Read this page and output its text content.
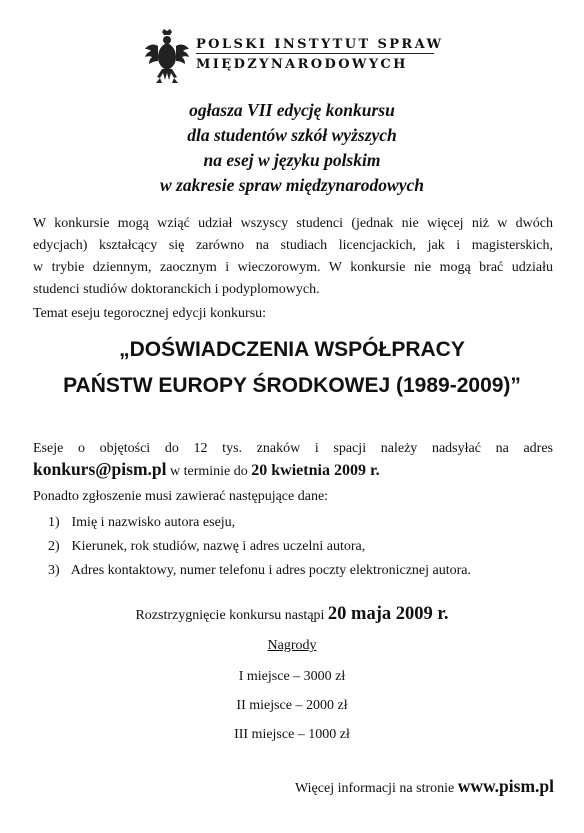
POLSKI INSTYTUT SPRAW
MIĘDZYNARODOWYCH
ogłasza VII edycję konkursu
dla studentów szkół wyższych
na esej w języku polskim
w zakresie spraw międzynarodowych
W konkursie mogą wziąć udział wszyscy studenci (jednak nie więcej niż w dwóch
edycjach) kształcący się zarówno na studiach licencjackich, jak i magisterskich,
w trybie dziennym, zaocznym i wieczorowym. W konkursie nie mogą brać udziału
studenci studiów doktoranckich i podyplomowych.
Temat eseju tegorocznej edycji konkursu:
„DOŚWIADCZENIA WSPÓŁPRACY
PAŃSTW EUROPY ŚRODKOWEJ (1989-2009)”
Eseje o objętości do 12 tys. znaków i spacji należy nadsyłać na adres
konkurs@pism.pl w terminie do 20 kwietnia 2009 r.
Ponadto zgłoszenie musi zawierać następujące dane:
1) Imię i nazwisko autora eseju,
2) Kierunek, rok studiów, nazwę i adres uczelni autora,
3) Adres kontaktowy, numer telefonu i adres poczty elektronicznej autora.
Rozstrzygnięcie konkursu nastąpi 20 maja 2009 r.
Nagrody
I miejsce – 3000 zł
II miejsce – 2000 zł
III miejsce – 1000 zł
Więcej informacji na stronie www.pism.pl
